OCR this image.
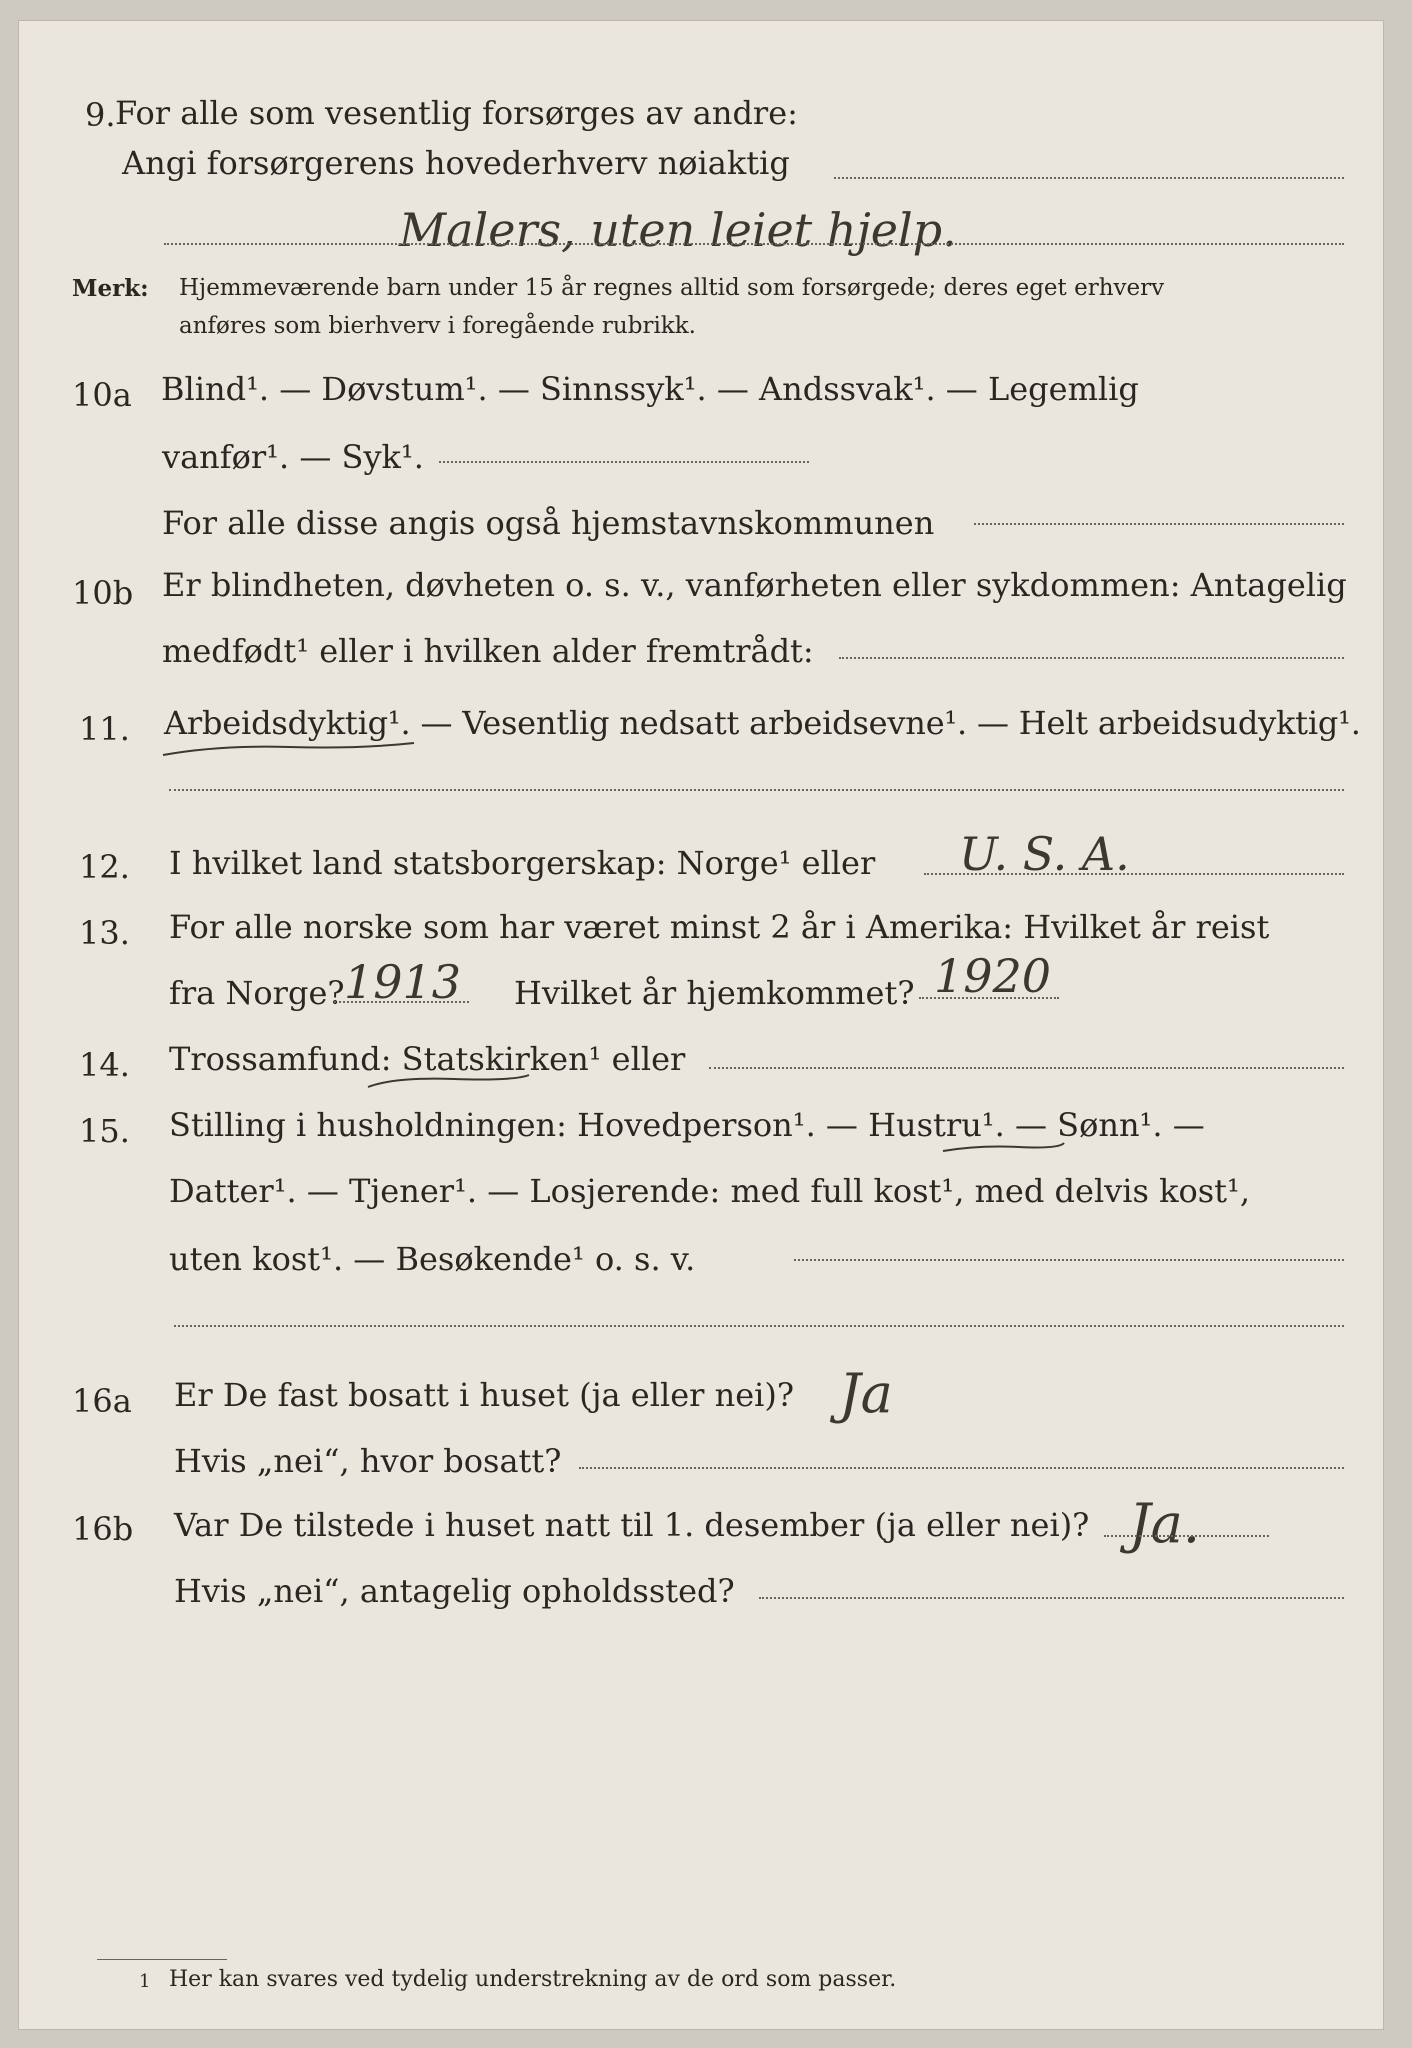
9. For alle som vesentlig forsørges av andre:
Angi forsørgerens hovederhverv nøiaktig
Malers, uten leiet hjelp.
Merk: Hjemmeværende barn under 15 år regnes alltid som forsørgede; deres eget erhverv
anføres som bierhverv i foregående rubrikk.
10a Blind¹. — Døvstum¹. — Sinnssyk¹. — Andssvak¹. — Legemlig
vanfør¹. — Syk¹.
For alle disse angis også hjemstavnskommunen
10b Er blindheten, døvheten o. s. v., vanførheten eller sykdommen: Antagelig
medfødt¹ eller i hvilken alder fremtrådt:
11. Arbeidsdyktig¹. — Vesentlig nedsatt arbeidsevne¹. — Helt arbeidsudyktig¹.
12. I hvilket land statsborgerskap: Norge¹ eller U. S. A.
13. For alle norske som har været minst 2 år i Amerika: Hvilket år reist
fra Norge? 1913 Hvilket år hjemkommet? 1920
14. Trossamfund: Statskirken¹ eller
15. Stilling i husholdningen: Hovedperson¹. — Hustru¹. — Sønn¹. —
Datter¹. — Tjener¹. — Losjerende: med full kost¹, med delvis kost¹,
uten kost¹. — Besøkende¹ o. s. v.
16a Er De fast bosatt i huset (ja eller nei)? Ja
Hvis „nei“, hvor bosatt?
16b Var De tilstede i huset natt til 1. desember (ja eller nei)? Ja.
Hvis „nei“, antagelig opholdssted?
1 Her kan svares ved tydelig understrekning av de ord som passer.
